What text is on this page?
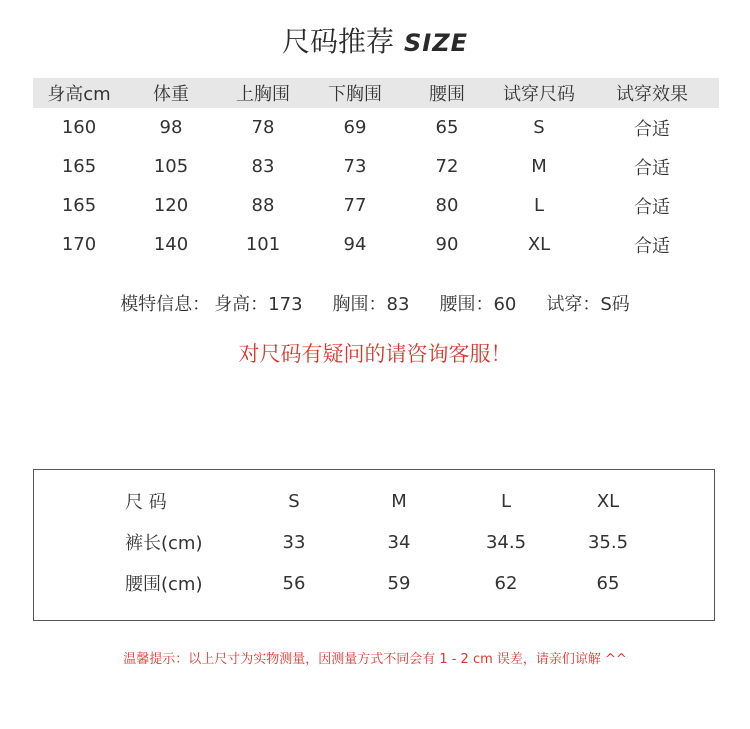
尺码推荐 SIZE
身高cm	体重	上胸围	下胸围	腰围	试穿尺码	试穿效果
160	98	78	69	65	S	合适
165	105	83	73	72	M	合适
165	120	88	77	80	L	合适
170	140	101	94	90	XL	合适
模特信息： 身高：173 胸围：83 腰围：60 试穿：S码
对尺码有疑问的请咨询客服！
尺 码	S	M	L	XL
裤长(cm)	33	34	34.5	35.5
腰围(cm)	56	59	62	65
温馨提示：以上尺寸为实物测量，因测量方式不同会有 1 - 2 cm 误差，请亲们谅解 ^^
